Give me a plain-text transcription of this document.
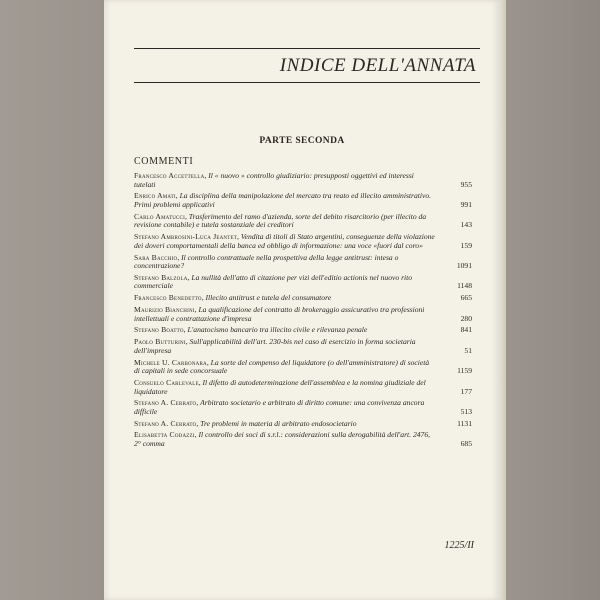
INDICE DELL'ANNATA
PARTE SECONDA
COMMENTI
Francesco Accettella, Il « nuovo » controllo giudiziario: presupposti oggettivi ed interessi tutelati	955
Enrico Amati, La disciplina della manipolazione del mercato tra reato ed illecito amministrativo. Primi problemi applicativi	991
Carlo Amatucci, Trasferimento del ramo d'azienda, sorte del debito risarcitorio (per illecito da revisione contabile) e tutela sostanziale dei creditori	143
Stefano Ambrosini-Luca Jeantet, Vendita di titoli di Stato argentini, conseguenze della violazione dei doveri comportamentali della banca ed obbligo di informazione: una voce «fuori dal coro»	159
Sara Bacchio, Il controllo contrattuale nella prospettiva della legge antitrust: intesa o concentrazione?	1091
Stefano Balzola, La nullità dell'atto di citazione per vizi dell'editio actionis nel nuovo rito commerciale	1148
Francesco Benedetto, Illecito antitrust e tutela del consumatore	665
Maurizio Bianchini, La qualificazione del contratto di brokeraggio assicurativo tra professioni intellettuali e contrattazione d'impresa	280
Stefano Boatto, L'anatocismo bancario tra illecito civile e rilevanza penale	841
Paolo Butturini, Sull'applicabilità dell'art. 230-bis nel caso di esercizio in forma societaria dell'impresa	51
Michele U. Carbonara, La sorte del compenso del liquidatore (o dell'amministratore) di società di capitali in sede concorsuale	1159
Consuelo Carlevale, Il difetto di autodeterminazione dell'assemblea e la nomina giudiziale del liquidatore	177
Stefano A. Cerrato, Arbitrato societario e arbitrato di diritto comune: una convivenza ancora difficile	513
Stefano A. Cerrato, Tre problemi in materia di arbitrato endosocietario	1131
Elisabetta Codazzi, Il controllo dei soci di s.r.l.: considerazioni sulla derogabilità dell'art. 2476, 2° comma	685
1225/II
